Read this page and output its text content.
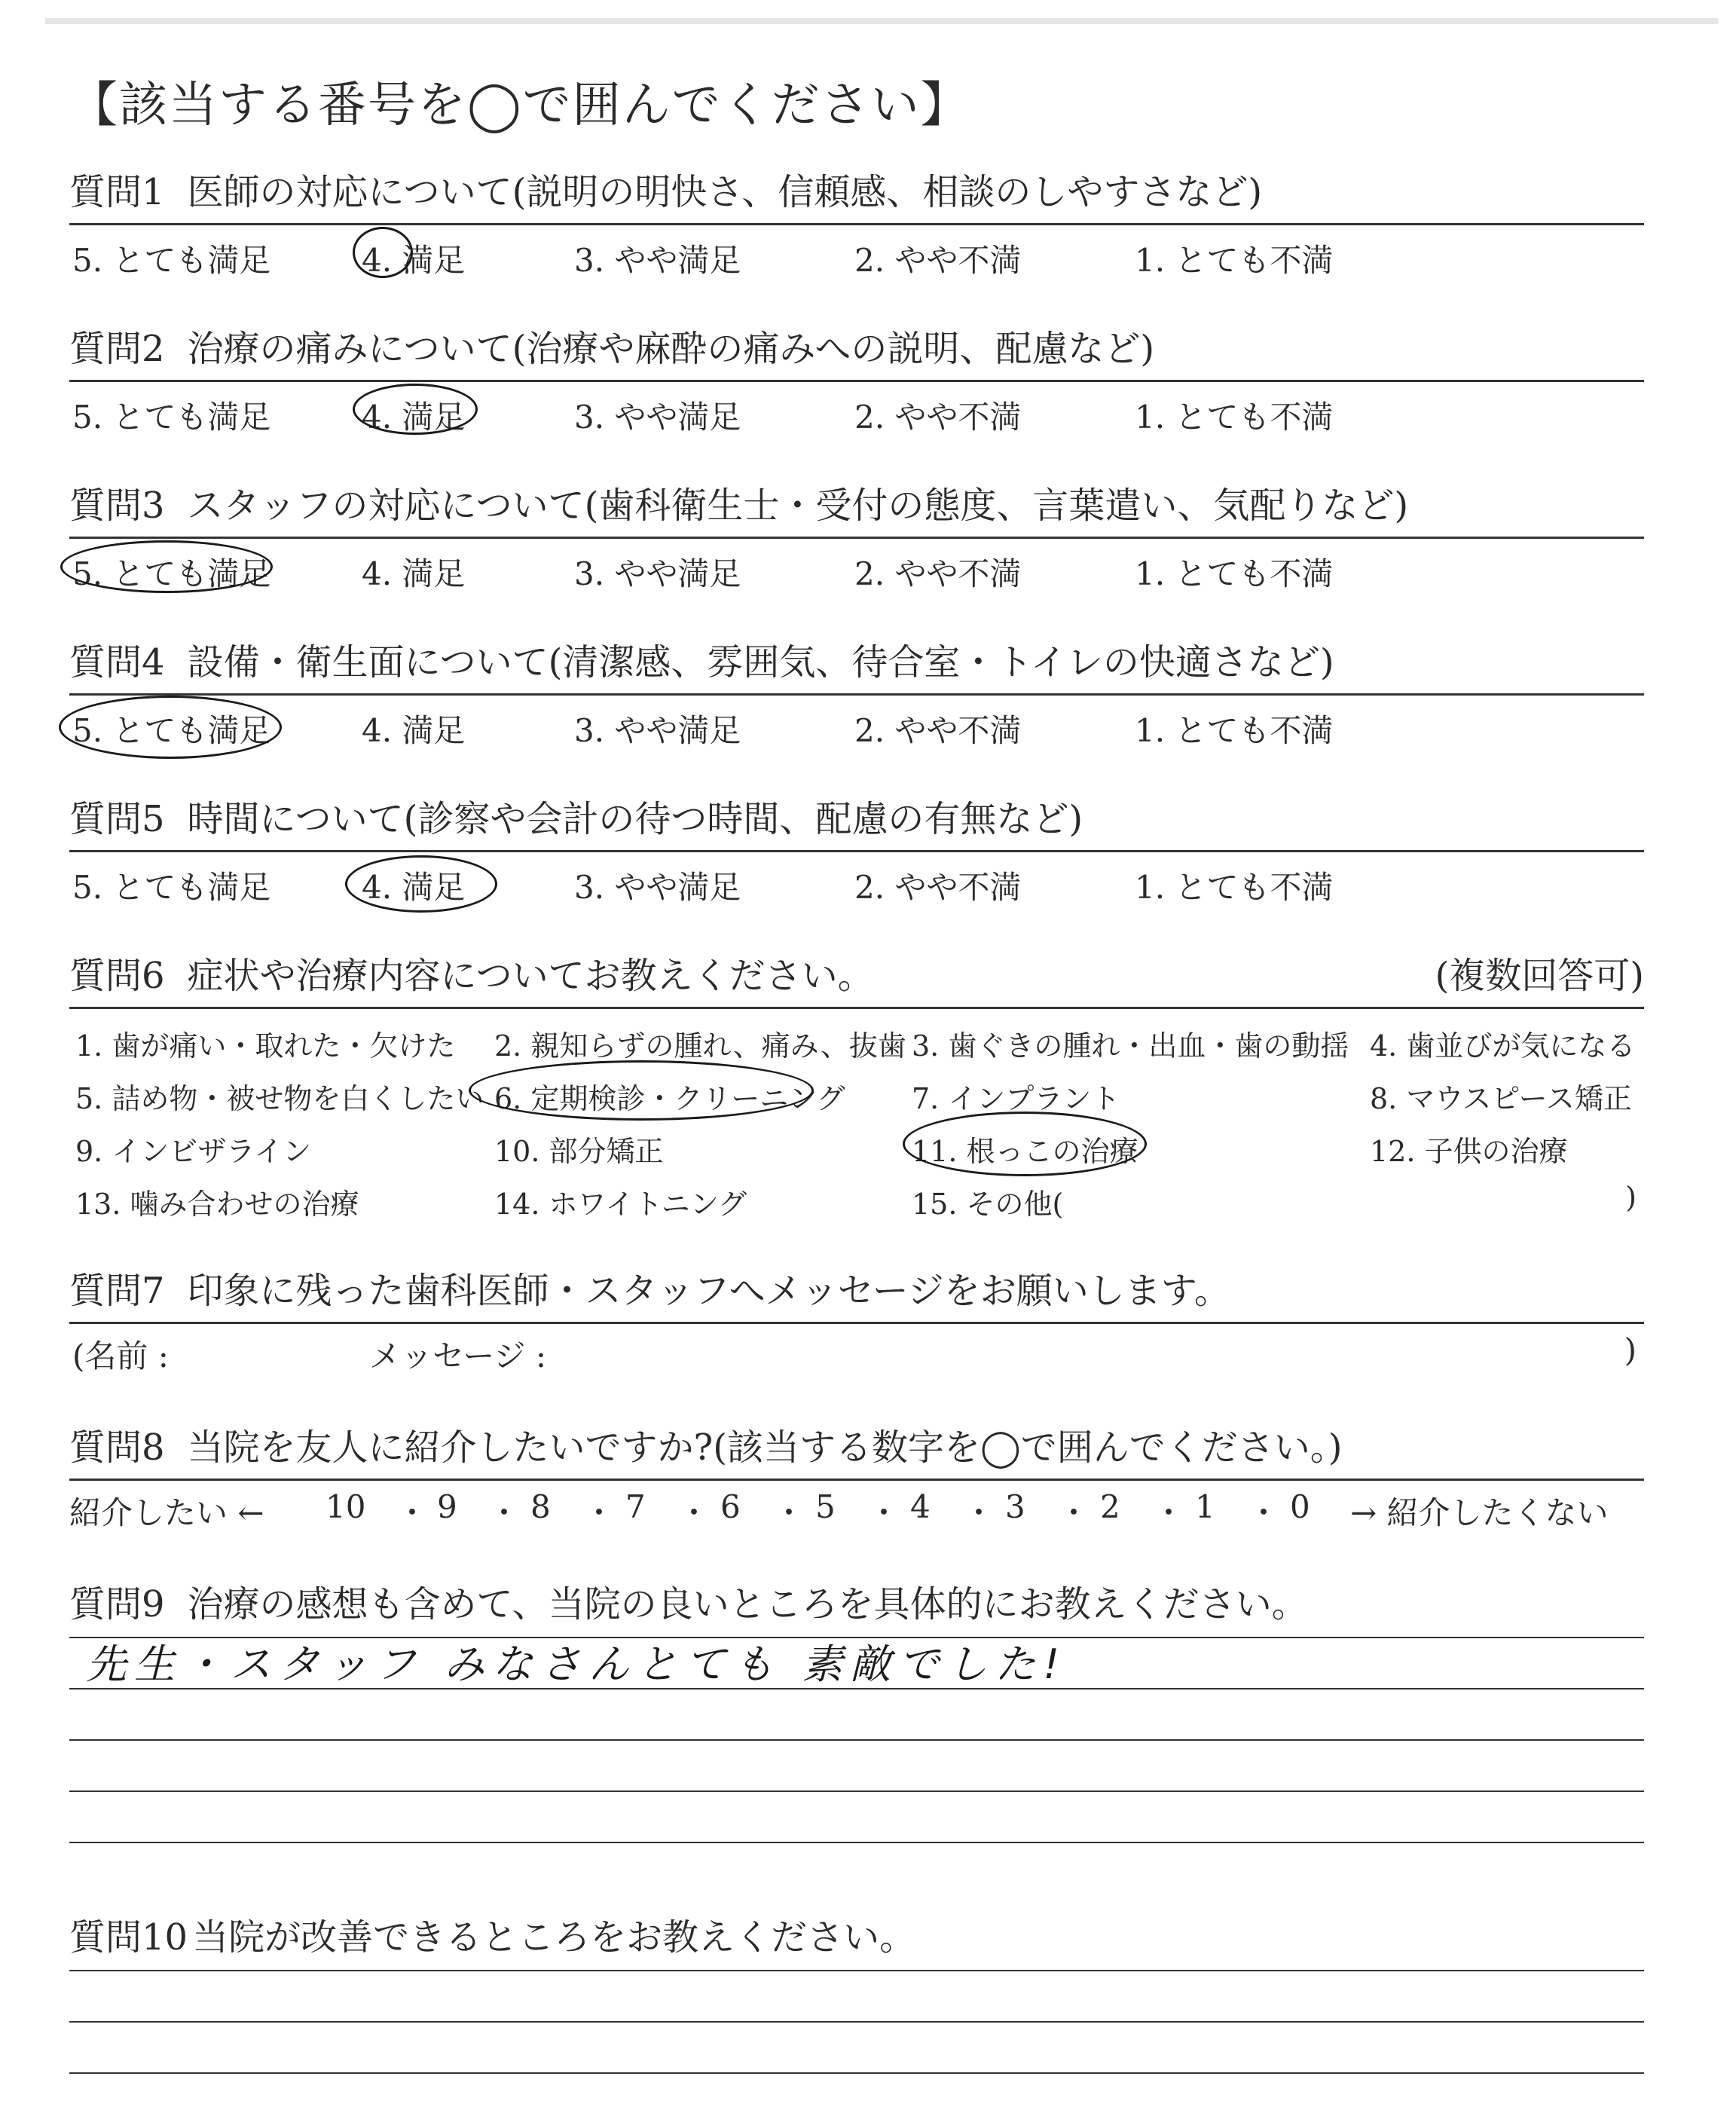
【該当する番号を◯で囲んでください】
質問1 医師の対応について(説明の明快さ、信頼感、相談のしやすさなど)
5. とても満足	4. 満足	3. やや満足	2. やや不満	1. とても不満
質問2 治療の痛みについて(治療や麻酔の痛みへの説明、配慮など)
5. とても満足	4. 満足	3. やや満足	2. やや不満	1. とても不満
質問3 スタッフの対応について(歯科衛生士・受付の態度、言葉遣い、気配りなど)
5. とても満足	4. 満足	3. やや満足	2. やや不満	1. とても不満
質問4 設備・衛生面について(清潔感、雰囲気、待合室・トイレの快適さなど)
5. とても満足	4. 満足	3. やや満足	2. やや不満	1. とても不満
質問5 時間について(診察や会計の待つ時間、配慮の有無など)
5. とても満足	4. 満足	3. やや満足	2. やや不満	1. とても不満
質問6 症状や治療内容についてお教えください。	(複数回答可)
1. 歯が痛い・取れた・欠けた 2. 親知らずの腫れ、痛み、抜歯 3. 歯ぐきの腫れ・出血・歯の動揺 4. 歯並びが気になる
5. 詰め物・被せ物を白くしたい 6. 定期検診・クリーニング 7. インプラント	8. マウスピース矯正
9. インビザライン	10. 部分矯正	11. 根っこの治療	12. 子供の治療
13. 噛み合わせの治療	14. ホワイトニング	15. その他(	)
質問7 印象に残った歯科医師・スタッフへメッセージをお願いします。
(名前 :	メッセージ :	)
質問8 当院を友人に紹介したいですか?(該当する数字を◯で囲んでください。)
紹介したい ← 10 ・ 9 ・ 8 ・ 7 ・ 6 ・ 5 ・ 4 ・ 3 ・ 2 ・ 1 ・ 0 → 紹介したくない
質問9 治療の感想も含めて、当院の良いところを具体的にお教えください。
先生・スタッフ みなさんとても 素敵でした!
質問10 当院が改善できるところをお教えください。
